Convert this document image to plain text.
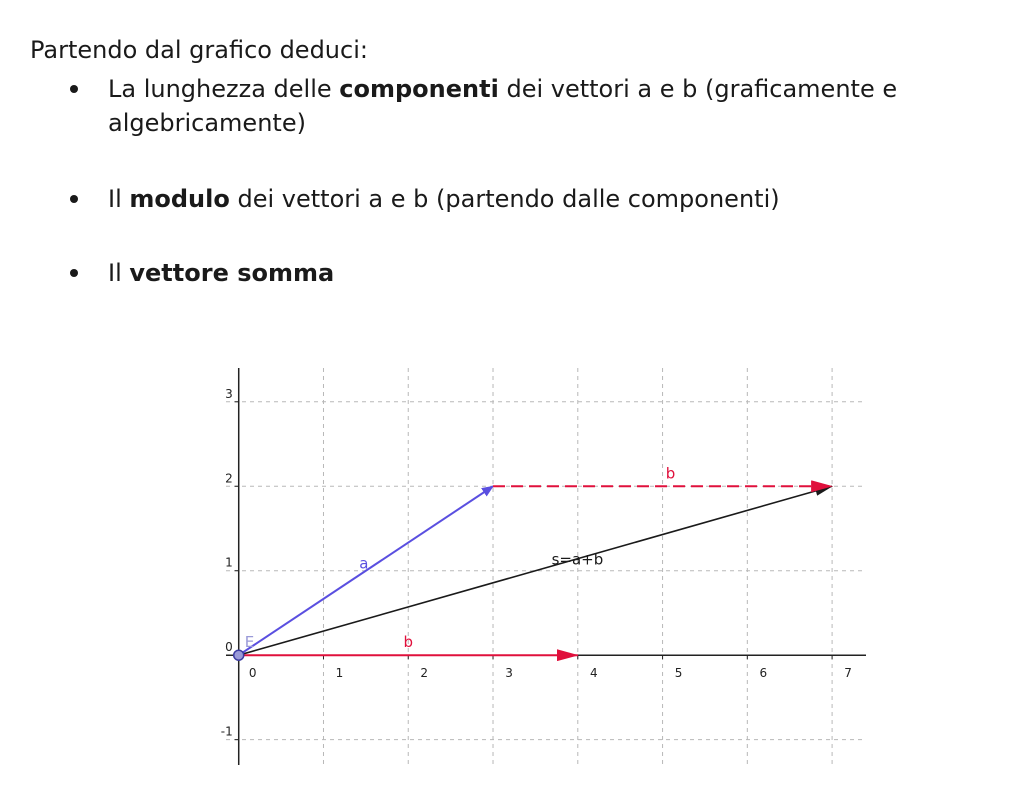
Partendo dal grafico deduci:

La lunghezza delle componenti dei vettori a e b (graficamente e algebricamente)
Il modulo dei vettori a e b (partendo dalle componenti)
Il vettore somma
0	1	2	3	4	5	6	7
-1
0
1
2
3
s=a+b
a
b
b
E
